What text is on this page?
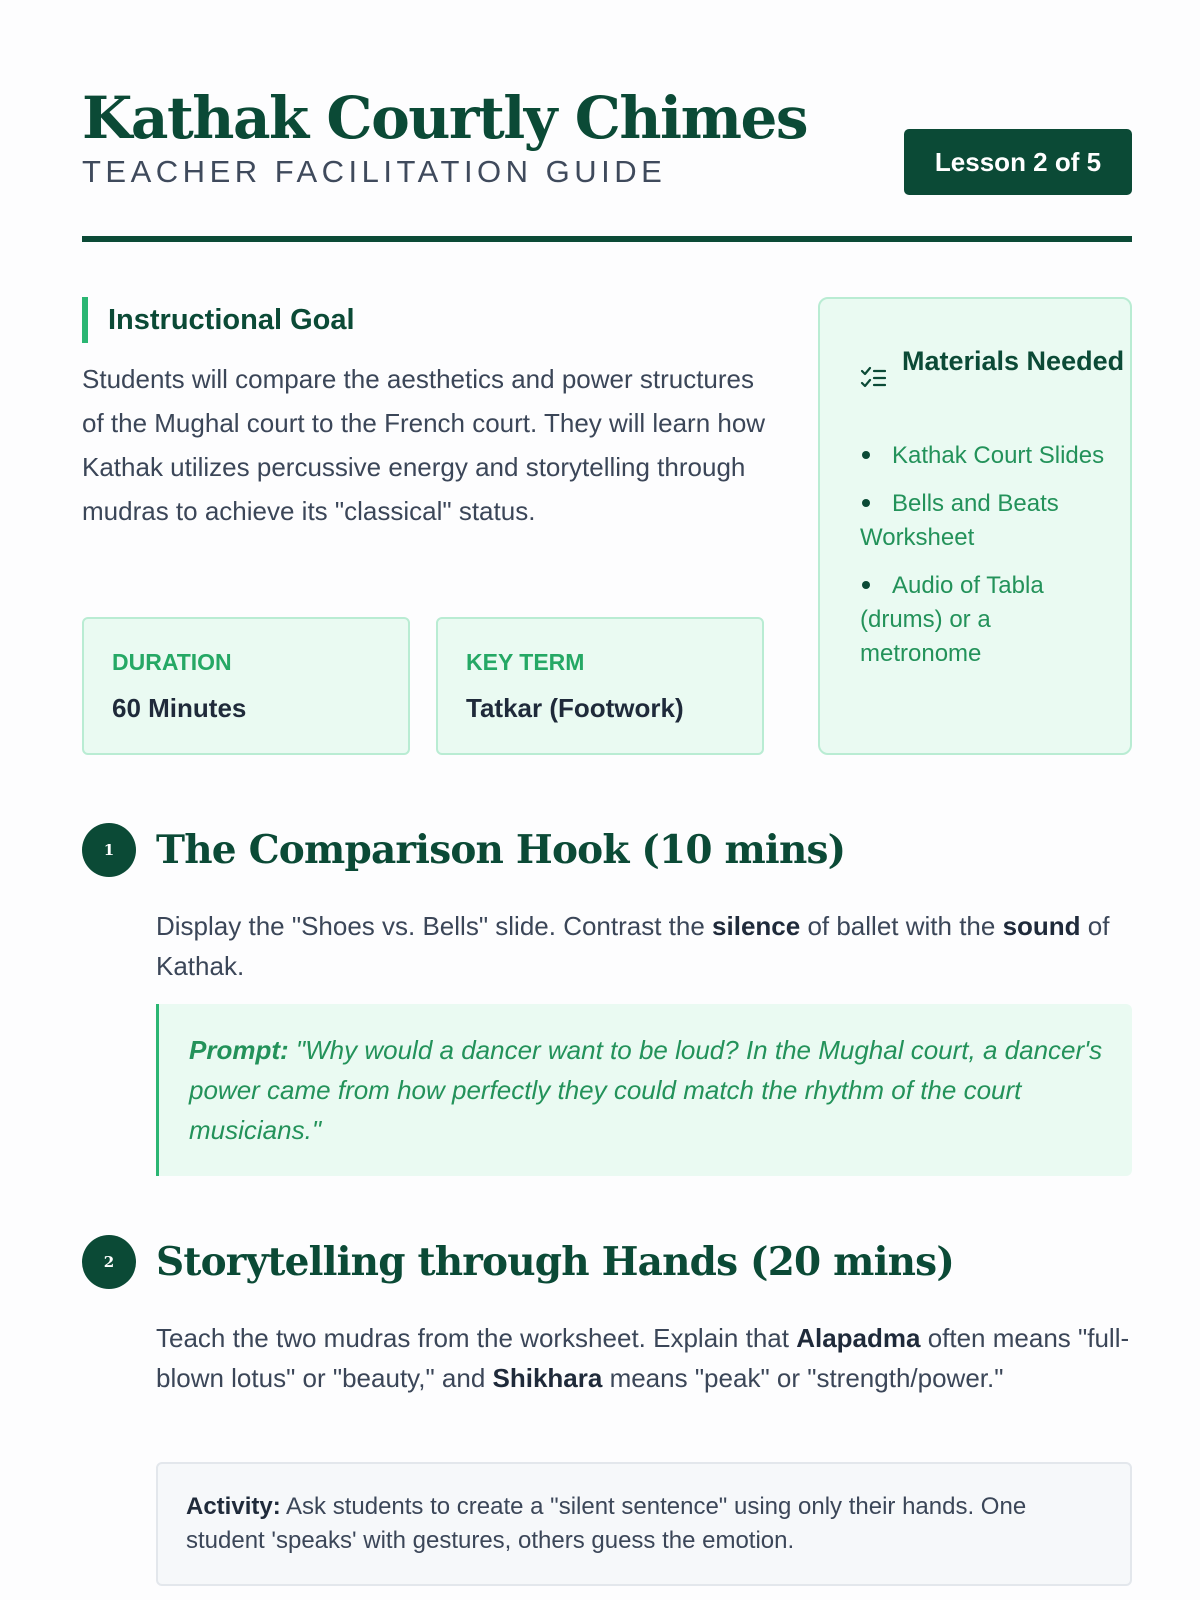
Kathak Courtly Chimes
TEACHER FACILITATION GUIDE	Lesson 2 of 5
Instructional Goal

Students will compare the aesthetics and power structures of the Mughal court to the French court. They will learn how Kathak utilizes percussive energy and storytelling through mudras to achieve its "classical" status.

DURATION
60 Minutes
KEY TERM
Tatkar (Footwork)
Materials Needed
Kathak Court Slides
Bells and Beats Worksheet
Audio of Tabla (drums) or a metronome
1	The Comparison Hook (10 mins)
Display the "Shoes vs. Bells" slide. Contrast the silence of ballet with the sound of Kathak.
Prompt: "Why would a dancer want to be loud? In the Mughal court, a dancer's power came from how perfectly they could match the rhythm of the court musicians."
2	Storytelling through Hands (20 mins)
Teach the two mudras from the worksheet. Explain that Alapadma often means "full-blown lotus" or "beauty," and Shikhara means "peak" or "strength/power."
Activity: Ask students to create a "silent sentence" using only their hands. One student 'speaks' with gestures, others guess the emotion.
